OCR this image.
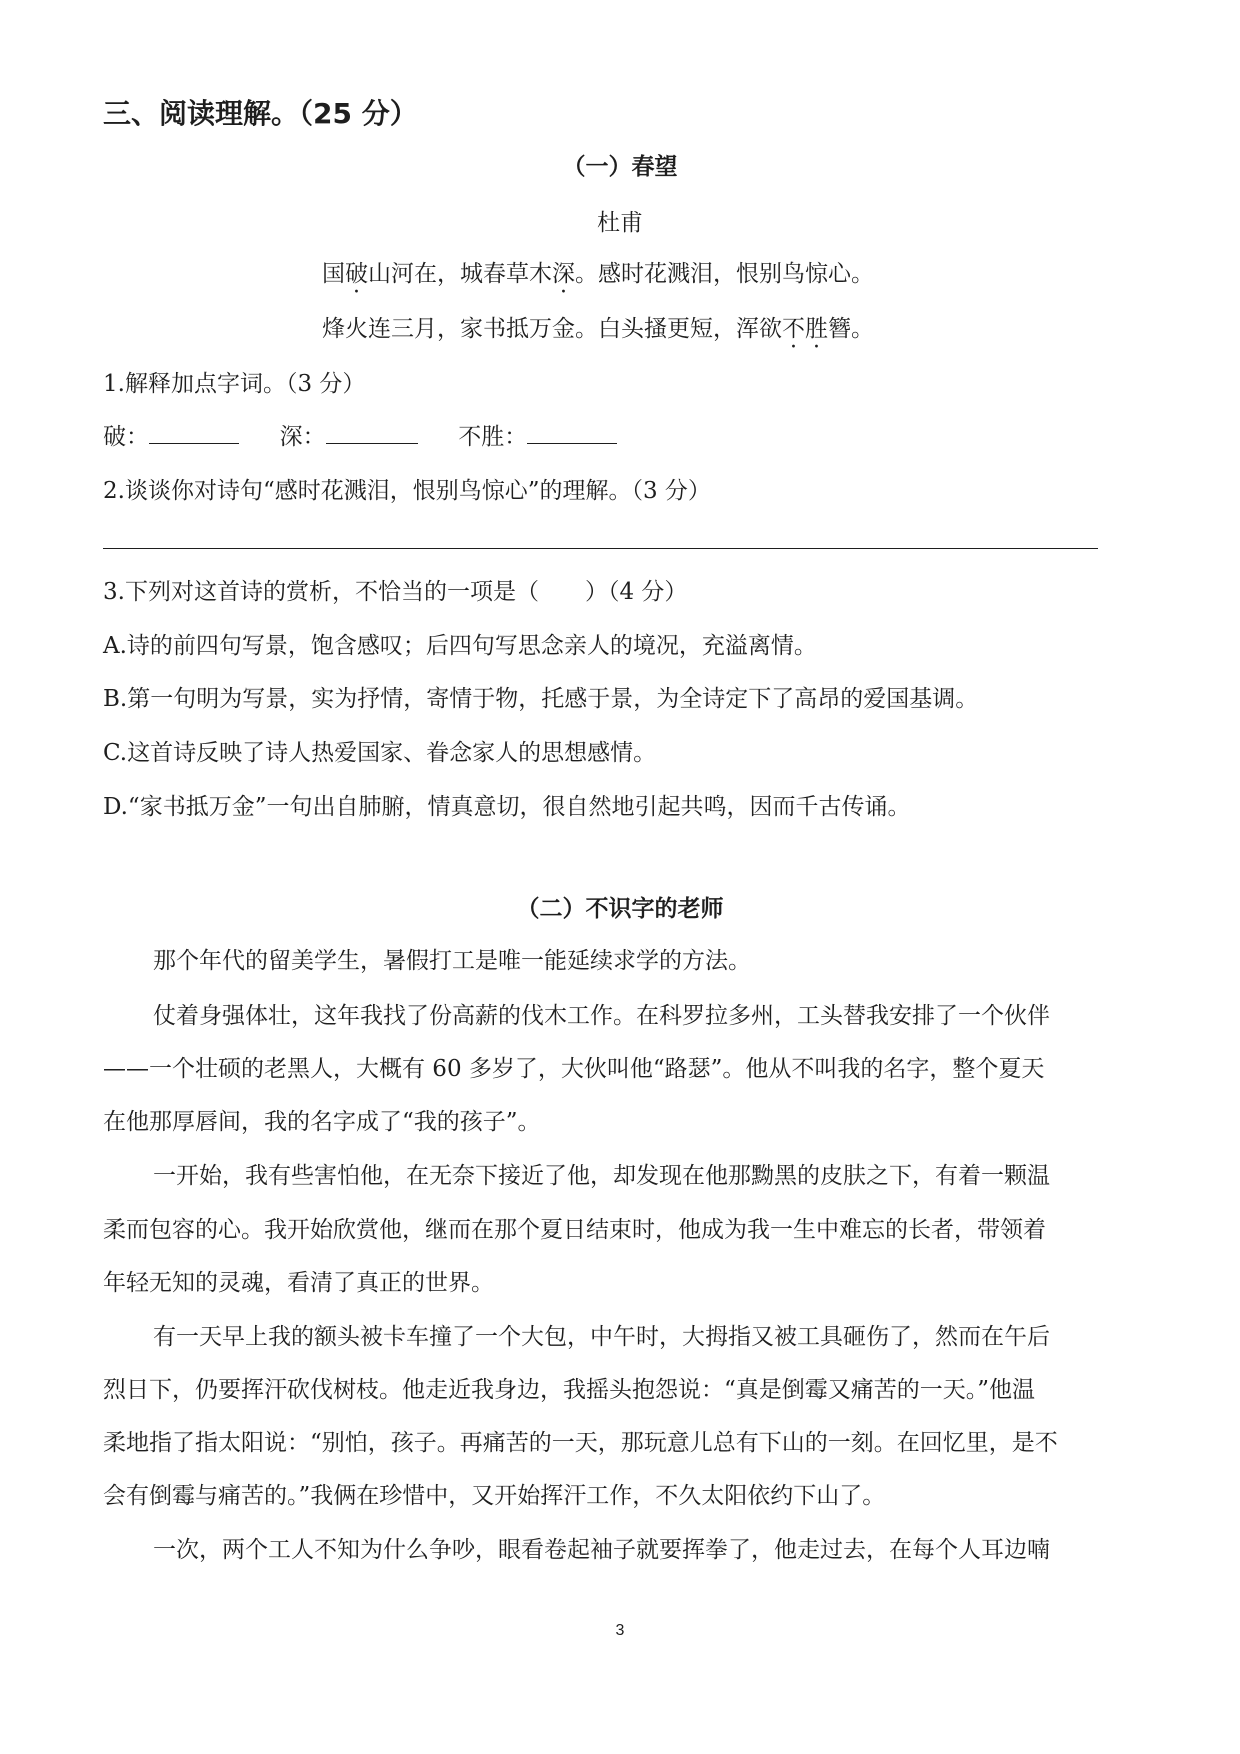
三、阅读理解。（25 分）
（一）春望
杜甫
国破山河在，城春草木深。感时花溅泪，恨别鸟惊心。
烽火连三月，家书抵万金。白头搔更短，浑欲不胜簪。
1.解释加点字词。（3 分）
破：	深：	不胜：
2.谈谈你对诗句“感时花溅泪，恨别鸟惊心”的理解。（3 分）
3.下列对这首诗的赏析，不恰当的一项是（　　）（4 分）
A.诗的前四句写景，饱含感叹；后四句写思念亲人的境况，充溢离情。
B.第一句明为写景，实为抒情，寄情于物，托感于景，为全诗定下了高昂的爱国基调。
C.这首诗反映了诗人热爱国家、眷念家人的思想感情。
D.“家书抵万金”一句出自肺腑，情真意切，很自然地引起共鸣，因而千古传诵。
（二）不识字的老师
那个年代的留美学生，暑假打工是唯一能延续求学的方法。
仗着身强体壮，这年我找了份高薪的伐木工作。在科罗拉多州，工头替我安排了一个伙伴
——一个壮硕的老黑人，大概有 60 多岁了，大伙叫他“路瑟”。他从不叫我的名字，整个夏天
在他那厚唇间，我的名字成了“我的孩子”。
一开始，我有些害怕他，在无奈下接近了他，却发现在他那黝黑的皮肤之下，有着一颗温
柔而包容的心。我开始欣赏他，继而在那个夏日结束时，他成为我一生中难忘的长者，带领着
年轻无知的灵魂，看清了真正的世界。
有一天早上我的额头被卡车撞了一个大包，中午时，大拇指又被工具砸伤了，然而在午后
烈日下，仍要挥汗砍伐树枝。他走近我身边，我摇头抱怨说：“真是倒霉又痛苦的一天。”他温
柔地指了指太阳说：“别怕，孩子。再痛苦的一天，那玩意儿总有下山的一刻。在回忆里，是不
会有倒霉与痛苦的。”我俩在珍惜中，又开始挥汗工作，不久太阳依约下山了。
一次，两个工人不知为什么争吵，眼看卷起袖子就要挥拳了，他走过去，在每个人耳边喃
3
